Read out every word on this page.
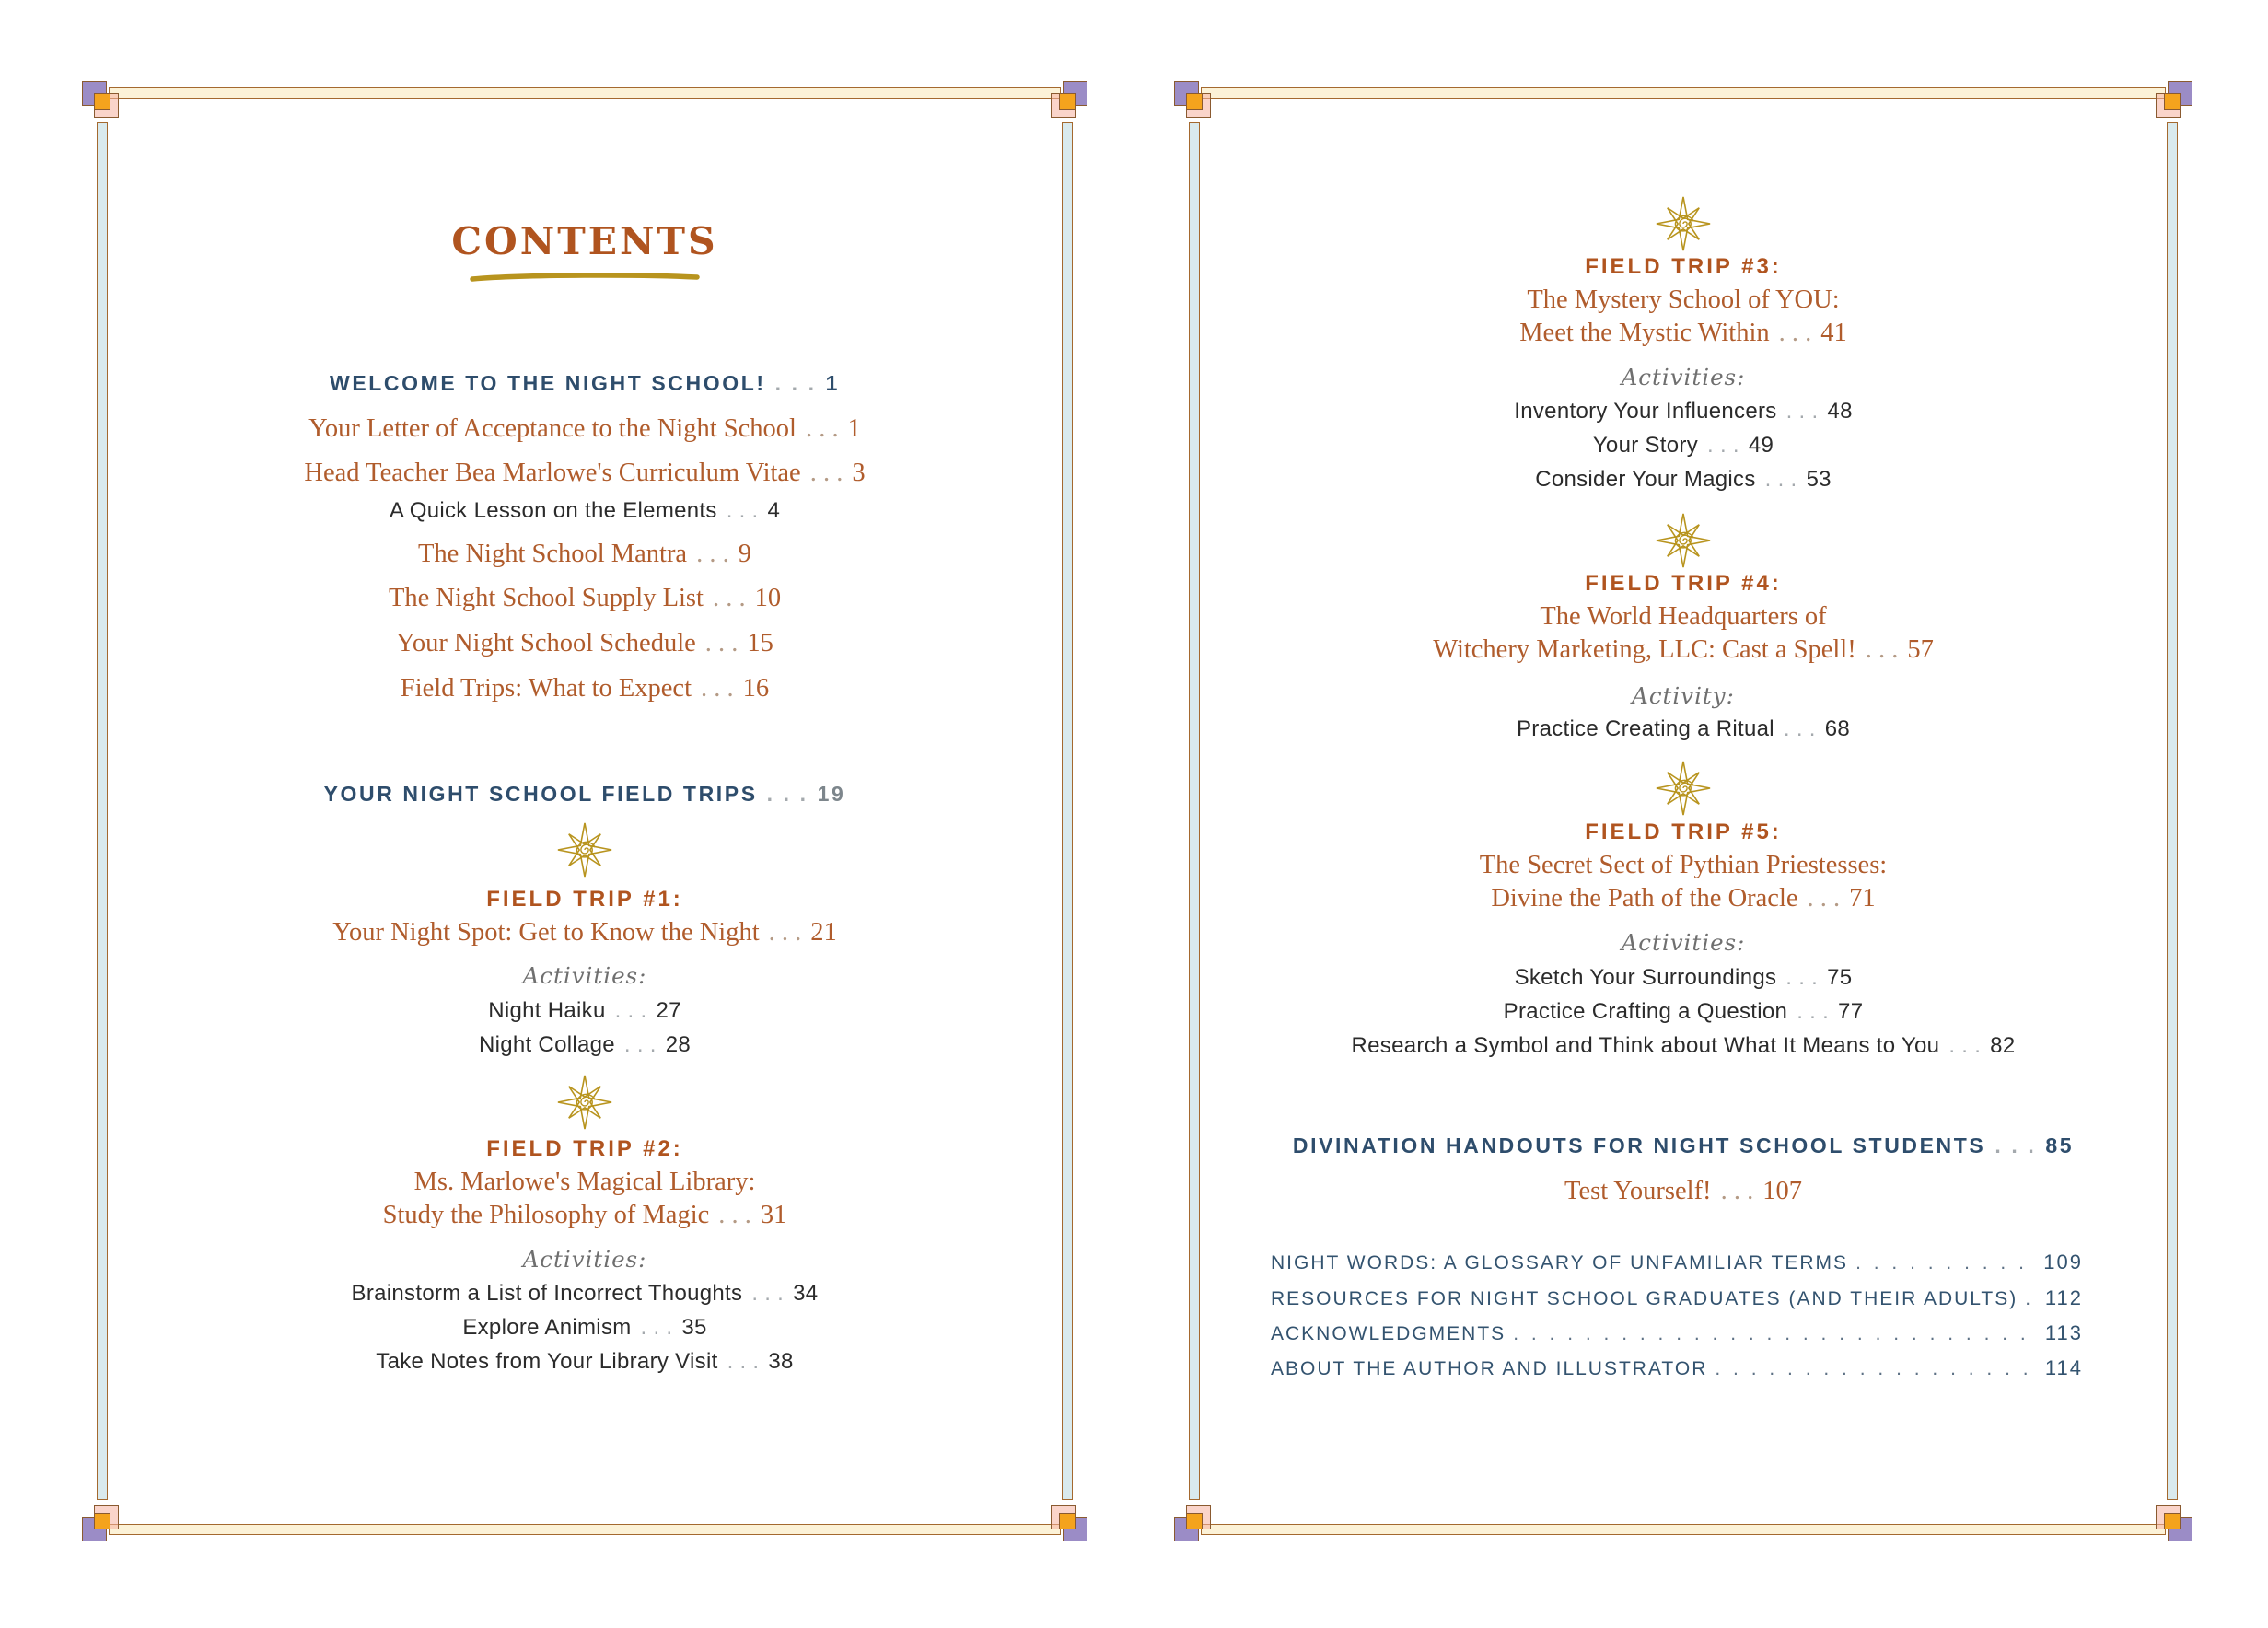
CONTENTS
WELCOME TO THE NIGHT SCHOOL! . . . 1
Your Letter of Acceptance to the Night School . . . 1
Head Teacher Bea Marlowe's Curriculum Vitae . . . 3
A Quick Lesson on the Elements . . . 4
The Night School Mantra . . . 9
The Night School Supply List . . . 10
Your Night School Schedule . . . 15
Field Trips: What to Expect . . . 16
YOUR NIGHT SCHOOL FIELD TRIPS . . . 19
FIELD TRIP #1:
Your Night Spot: Get to Know the Night . . . 21
Activities:
Night Haiku . . . 27
Night Collage . . . 28
FIELD TRIP #2:
Ms. Marlowe's Magical Library:
Study the Philosophy of Magic . . . 31
Activities:
Brainstorm a List of Incorrect Thoughts . . . 34
Explore Animism . . . 35
Take Notes from Your Library Visit . . . 38
FIELD TRIP #3:
The Mystery School of YOU:
Meet the Mystic Within . . . 41
Activities:
Inventory Your Influencers . . . 48
Your Story . . . 49
Consider Your Magics . . . 53
FIELD TRIP #4:
The World Headquarters of
Witchery Marketing, LLC: Cast a Spell! . . . 57
Activity:
Practice Creating a Ritual . . . 68
FIELD TRIP #5:
The Secret Sect of Pythian Priestesses:
Divine the Path of the Oracle . . . 71
Activities:
Sketch Your Surroundings . . . 75
Practice Crafting a Question . . . 77
Research a Symbol and Think about What It Means to You . . . 82
DIVINATION HANDOUTS FOR NIGHT SCHOOL STUDENTS . . . 85
Test Yourself! . . . 107
NIGHT WORDS: A GLOSSARY OF UNFAMILIAR TERMS . . .	109
RESOURCES FOR NIGHT SCHOOL GRADUATES (AND THEIR ADULTS) . . . 112
ACKNOWLEDGMENTS . . .	113
ABOUT THE AUTHOR AND ILLUSTRATOR . . .	114
